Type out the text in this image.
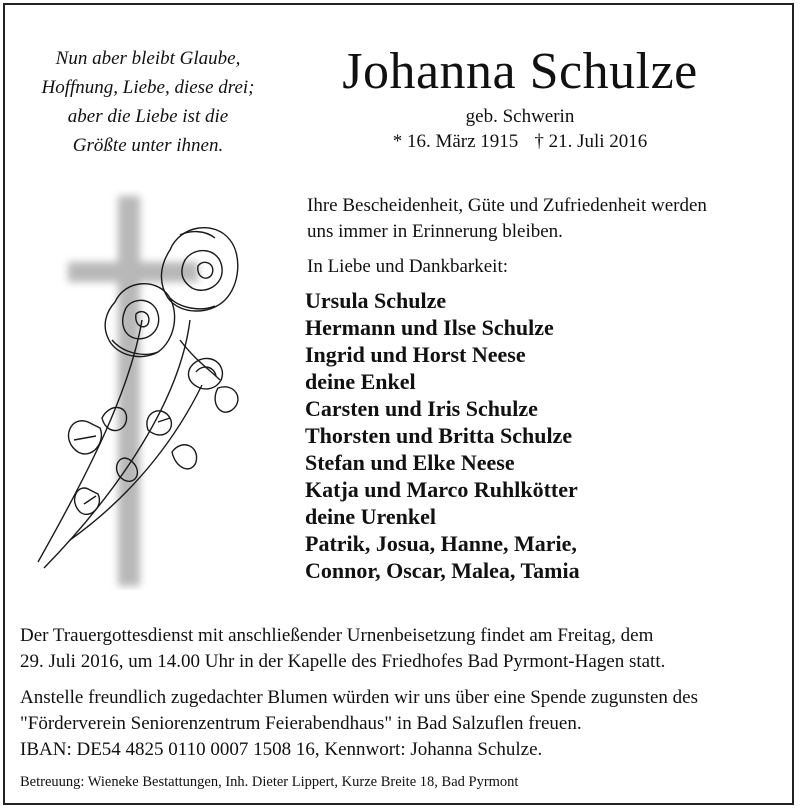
Nun aber bleibt Glaube,
Hoffnung, Liebe, diese drei;
aber die Liebe ist die
Größte unter ihnen.
Johanna Schulze
geb. Schwerin
* 16. März 1915 † 21. Juli 2016
Ihre Bescheidenheit, Güte und Zufriedenheit werden
uns immer in Erinnerung bleiben.
In Liebe und Dankbarkeit:
Ursula Schulze
Hermann und Ilse Schulze
Ingrid und Horst Neese
deine Enkel
Carsten und Iris Schulze
Thorsten und Britta Schulze
Stefan und Elke Neese
Katja und Marco Ruhlkötter
deine Urenkel
Patrik, Josua, Hanne, Marie,
Connor, Oscar, Malea, Tamia
Der Trauergottesdienst mit anschließender Urnenbeisetzung findet am Freitag, dem
29. Juli 2016, um 14.00 Uhr in der Kapelle des Friedhofes Bad Pyrmont-Hagen statt.
Anstelle freundlich zugedachter Blumen würden wir uns über eine Spende zugunsten des
"Förderverein Seniorenzentrum Feierabendhaus" in Bad Salzuflen freuen.
IBAN: DE54 4825 0110 0007 1508 16, Kennwort: Johanna Schulze.
Betreuung: Wieneke Bestattungen, Inh. Dieter Lippert, Kurze Breite 18, Bad Pyrmont
